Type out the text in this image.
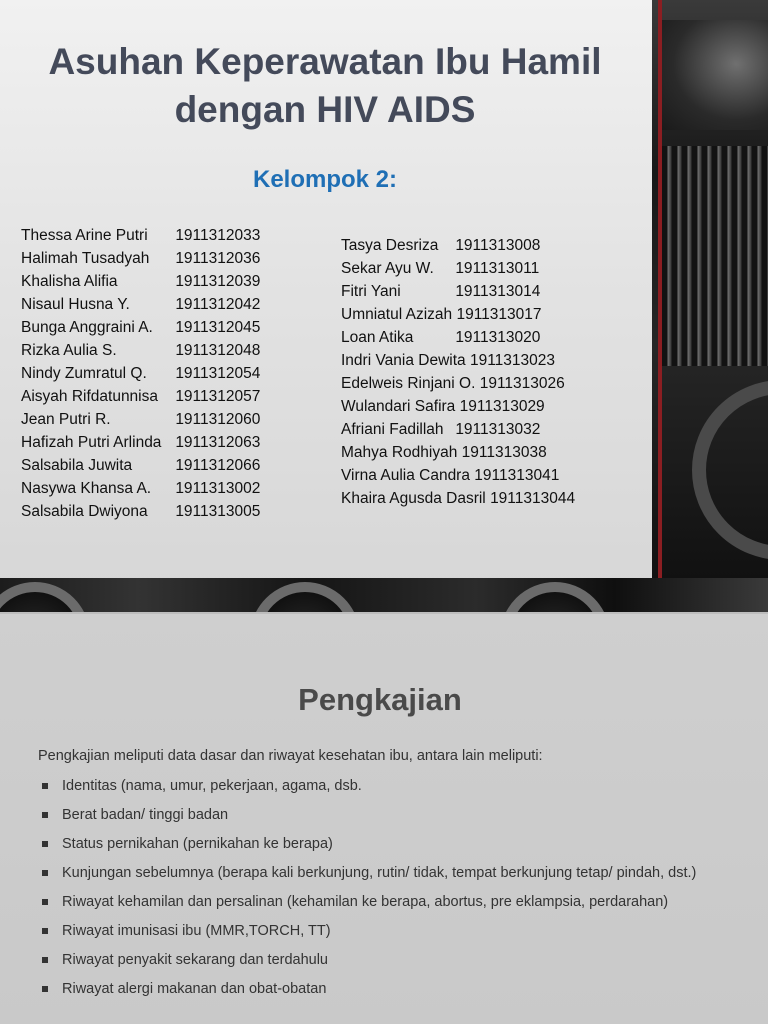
Asuhan Keperawatan Ibu Hamil dengan HIV AIDS
Kelompok 2:
Thessa Arine Putri 1911312033
Halimah Tusadyah 1911312036
Khalisha Alifia	1911312039
Nisaul Husna Y.	1911312042
Bunga Anggraini A. 1911312045
Rizka Aulia S.	1911312048
Nindy Zumratul Q. 1911312054
Aisyah Rifdatunnisa 1911312057
Jean Putri R.	1911312060
Hafizah Putri Arlinda 1911312063
Salsabila Juwita	1911312066
Nasywa Khansa A. 1911313002
Salsabila Dwiyona 1911313005
Tasya Desriza 1911313008
Sekar Ayu W. 1911313011
Fitri Yani	1911313014
Umniatul Azizah 1911313017
Loan Atika	1911313020
Indri Vania Dewita 1911313023
Edelweis Rinjani O. 1911313026
Wulandari Safira 1911313029
Afriani Fadillah 1911313032
Mahya Rodhiyah 1911313038
Virna Aulia Candra 1911313041
Khaira Agusda Dasril 1911313044
Pengkajian

Pengkajian meliputi data dasar dan riwayat kesehatan ibu, antara lain meliputi:

Identitas (nama, umur, pekerjaan, agama, dsb.
Berat badan/ tinggi badan
Status pernikahan (pernikahan ke berapa)
Kunjungan sebelumnya (berapa kali berkunjung, rutin/ tidak, tempat berkunjung tetap/ pindah, dst.)
Riwayat kehamilan dan persalinan (kehamilan ke berapa, abortus, pre eklampsia, perdarahan)
Riwayat imunisasi ibu (MMR,TORCH, TT)
Riwayat penyakit sekarang dan terdahulu
Riwayat alergi makanan dan obat-obatan
